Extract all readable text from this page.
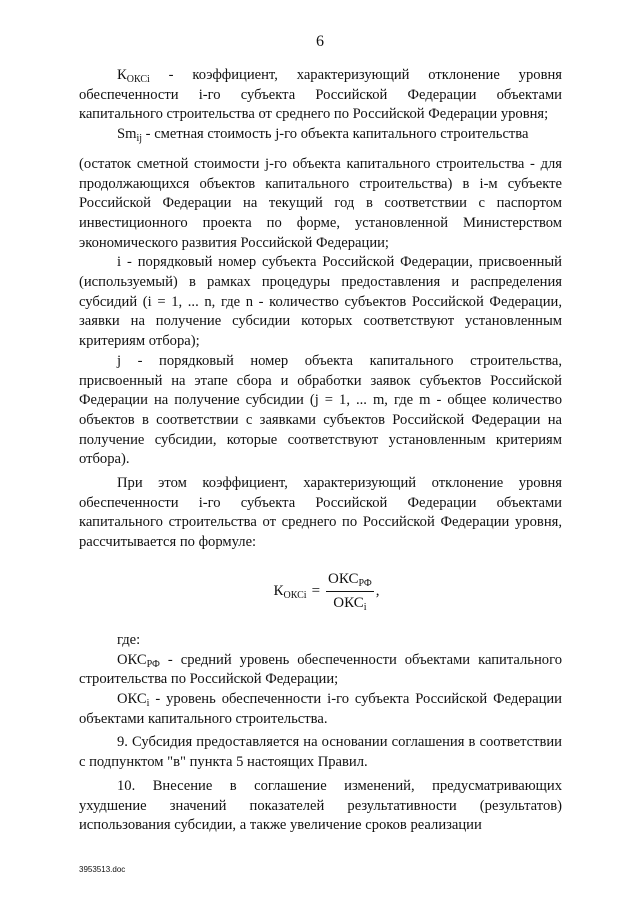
6

$К_{ОКСi}$ - коэффициент, характеризующий отклонение уровня обеспеченности i-го субъекта Российской Федерации объектами капитального строительства от среднего по Российской Федерации уровня;

$Sm_{ij}$ - сметная стоимость j-го объекта капитального строительства

(остаток сметной стоимости j-го объекта капитального строительства - для продолжающихся объектов капитального строительства) в i-м субъекте Российской Федерации на текущий год в соответствии с паспортом инвестиционного проекта по форме, установленной Министерством экономического развития Российской Федерации;

i - порядковый номер субъекта Российской Федерации, присвоенный (используемый) в рамках процедуры предоставления и распределения субсидий (i = 1, ... n, где n - количество субъектов Российской Федерации, заявки на получение субсидии которых соответствуют установленным критериям отбора);

j - порядковый номер объекта капитального строительства, присвоенный на этапе сбора и обработки заявок субъектов Российской Федерации на получение субсидии (j = 1, ... m, где m - общее количество объектов в соответствии с заявками субъектов Российской Федерации на получение субсидии, которые соответствуют установленным критериям отбора).

При этом коэффициент, характеризующий отклонение уровня обеспеченности i-го субъекта Российской Федерации объектами капитального строительства от среднего по Российской Федерации уровня, рассчитывается по формуле:

$К_{ОКСi} = \frac{ОКС_{РФ}}{ОКС_i}$ ,

где:

$ОКС_{РФ}$ - средний уровень обеспеченности объектами капитального строительства по Российской Федерации;

$ОКС_i$ - уровень обеспеченности i-го субъекта Российской Федерации объектами капитального строительства.

9. Субсидия предоставляется на основании соглашения в соответствии с подпунктом "в" пункта 5 настоящих Правил.

10. Внесение в соглашение изменений, предусматривающих ухудшение значений показателей результативности (результатов) использования субсидии, а также увеличение сроков реализации

3953513.doc
